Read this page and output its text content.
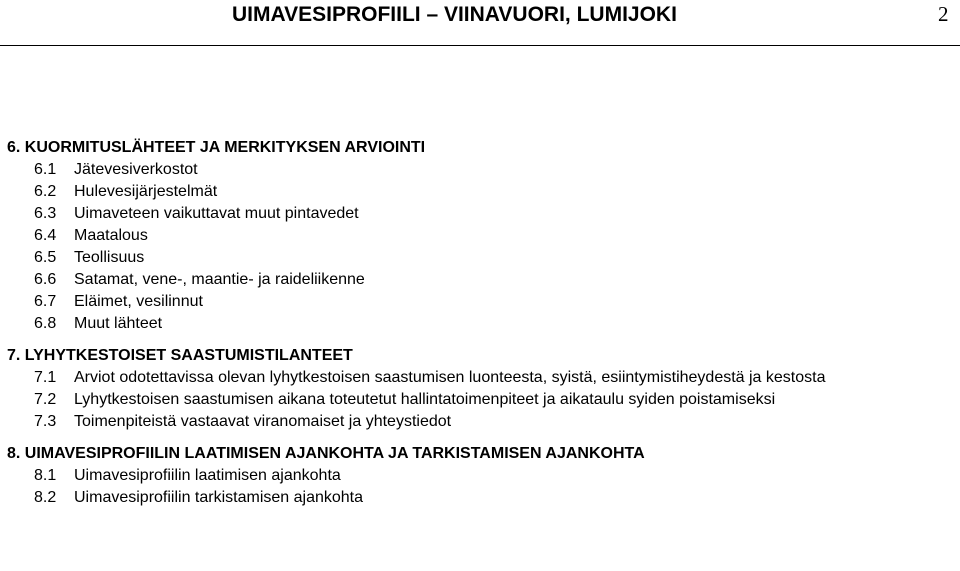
UIMAVESIPROFIILI – VIINAVUORI, LUMIJOKI	2
6. KUORMITUSLÄHTEET JA MERKITYKSEN ARVIOINTI
6.1	Jätevesiverkostot
6.2	Hulevesijärjestelmät
6.3	Uimaveteen vaikuttavat muut pintavedet
6.4	Maatalous
6.5	Teollisuus
6.6	Satamat, vene-, maantie- ja raideliikenne
6.7	Eläimet, vesilinnut
6.8	Muut lähteet
7. LYHYTKESTOISET SAASTUMISTILANTEET
7.1	Arviot odotettavissa olevan lyhytkestoisen saastumisen luonteesta, syistä, esiintymistiheydestä ja kestosta
7.2	Lyhytkestoisen saastumisen aikana toteutetut hallintatoimenpiteet ja aikataulu syiden poistamiseksi
7.3	Toimenpiteistä vastaavat viranomaiset ja yhteystiedot
8. UIMAVESIPROFIILIN LAATIMISEN AJANKOHTA JA TARKISTAMISEN AJANKOHTA
8.1	Uimavesiprofiilin laatimisen ajankohta
8.2	Uimavesiprofiilin tarkistamisen ajankohta
